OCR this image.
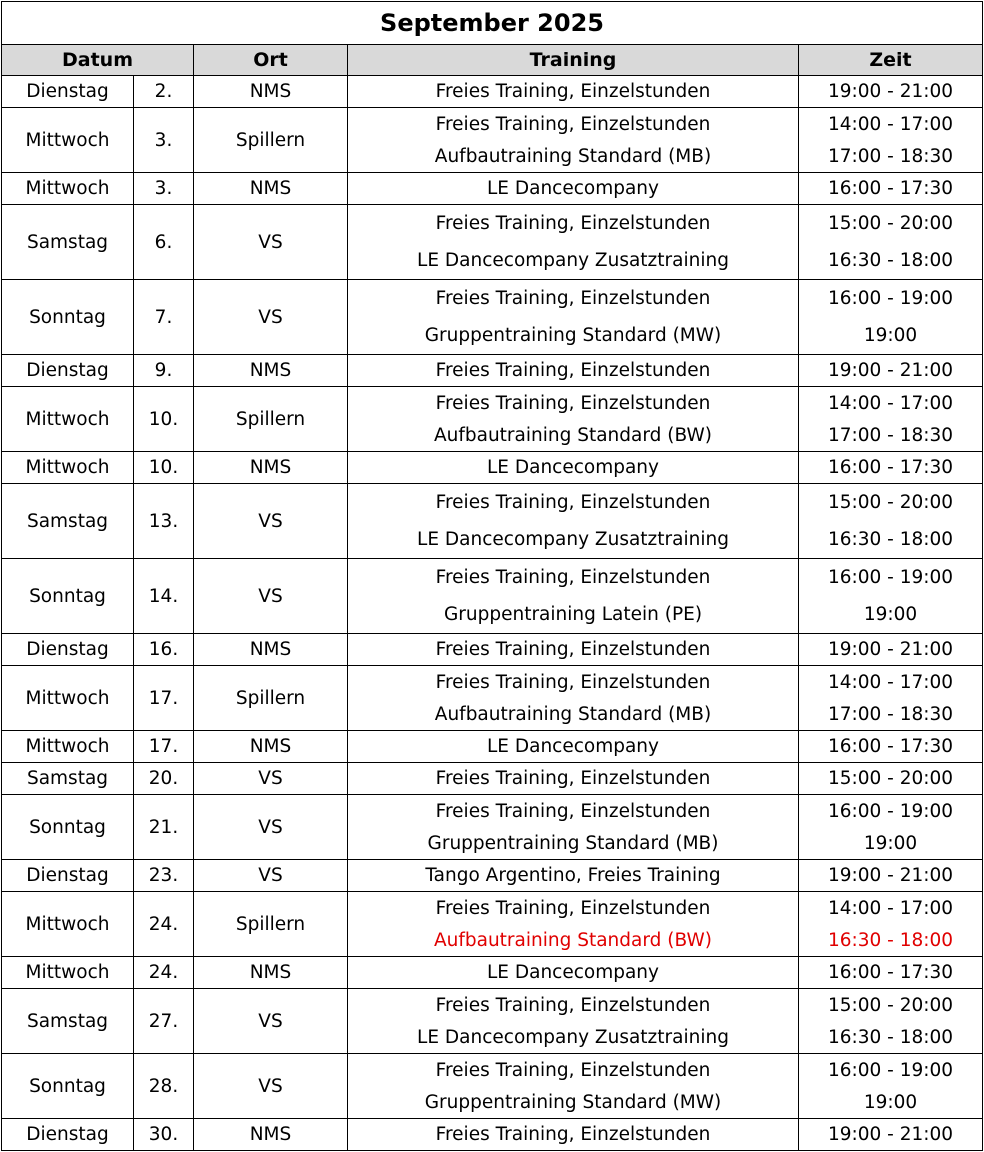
September 2025				
Datum		Ort	Training	Zeit
Dienstag	2.	NMS	Freies Training, Einzelstunden	19:00 - 21:00
Mittwoch	3.	Spillern	Freies Training, Einzelstunden	14:00 - 17:00
			Aufbautraining Standard (MB)	17:00 - 18:30
Mittwoch	3.	NMS	LE Dancecompany	16:00 - 17:30
Samstag	6.	VS	Freies Training, Einzelstunden	15:00 - 20:00
			LE Dancecompany Zusatztraining	16:30 - 18:00
Sonntag	7.	VS	Freies Training, Einzelstunden	16:00 - 19:00
			Gruppentraining Standard (MW)	19:00
Dienstag	9.	NMS	Freies Training, Einzelstunden	19:00 - 21:00
Mittwoch	10.	Spillern	Freies Training, Einzelstunden	14:00 - 17:00
			Aufbautraining Standard (BW)	17:00 - 18:30
Mittwoch	10.	NMS	LE Dancecompany	16:00 - 17:30
Samstag	13.	VS	Freies Training, Einzelstunden	15:00 - 20:00
			LE Dancecompany Zusatztraining	16:30 - 18:00
Sonntag	14.	VS	Freies Training, Einzelstunden	16:00 - 19:00
			Gruppentraining Latein (PE)	19:00
Dienstag	16.	NMS	Freies Training, Einzelstunden	19:00 - 21:00
Mittwoch	17.	Spillern	Freies Training, Einzelstunden	14:00 - 17:00
			Aufbautraining Standard (MB)	17:00 - 18:30
Mittwoch	17.	NMS	LE Dancecompany	16:00 - 17:30
Samstag	20.	VS	Freies Training, Einzelstunden	15:00 - 20:00
Sonntag	21.	VS	Freies Training, Einzelstunden	16:00 - 19:00
			Gruppentraining Standard (MB)	19:00
Dienstag	23.	VS	Tango Argentino, Freies Training	19:00 - 21:00
Mittwoch	24.	Spillern	Freies Training, Einzelstunden	14:00 - 17:00
			Aufbautraining Standard (BW)	16:30 - 18:00
Mittwoch	24.	NMS	LE Dancecompany	16:00 - 17:30
Samstag	27.	VS	Freies Training, Einzelstunden	15:00 - 20:00
			LE Dancecompany Zusatztraining	16:30 - 18:00
Sonntag	28.	VS	Freies Training, Einzelstunden	16:00 - 19:00
			Gruppentraining Standard (MW)	19:00
Dienstag	30.	NMS	Freies Training, Einzelstunden	19:00 - 21:00
